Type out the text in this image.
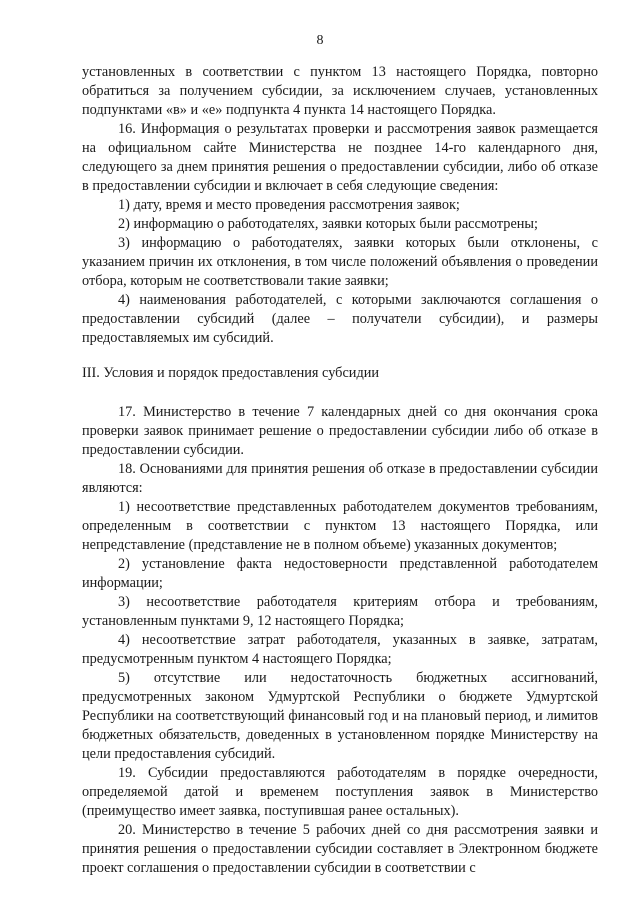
8

установленных в соответствии с пунктом 13 настоящего Порядка, повторно обратиться за получением субсидии, за исключением случаев, установленных подпунктами «в» и «е» подпункта 4 пункта 14 настоящего Порядка.

16. Информация о результатах проверки и рассмотрения заявок размещается на официальном сайте Министерства не позднее 14-го календарного дня, следующего за днем принятия решения о предоставлении субсидии, либо об отказе в предоставлении субсидии и включает в себя следующие сведения:

1) дату, время и место проведения рассмотрения заявок;

2) информацию о работодателях, заявки которых были рассмотрены;

3) информацию о работодателях, заявки которых были отклонены, с указанием причин их отклонения, в том числе положений объявления о проведении отбора, которым не соответствовали такие заявки;

4) наименования работодателей, с которыми заключаются соглашения о предоставлении субсидий (далее – получатели субсидии), и размеры предоставляемых им субсидий.

III. Условия и порядок предоставления субсидии

17. Министерство в течение 7 календарных дней со дня окончания срока проверки заявок принимает решение о предоставлении субсидии либо об отказе в предоставлении субсидии.

18. Основаниями для принятия решения об отказе в предоставлении субсидии являются:

1) несоответствие представленных работодателем документов требованиям, определенным в соответствии с пунктом 13 настоящего Порядка, или непредставление (представление не в полном объеме) указанных документов;

2) установление факта недостоверности представленной работодателем информации;

3) несоответствие работодателя критериям отбора и требованиям, установленным пунктами 9, 12 настоящего Порядка;

4) несоответствие затрат работодателя, указанных в заявке, затратам, предусмотренным пунктом 4 настоящего Порядка;

5) отсутствие или недостаточность бюджетных ассигнований, предусмотренных законом Удмуртской Республики о бюджете Удмуртской Республики на соответствующий финансовый год и на плановый период, и лимитов бюджетных обязательств, доведенных в установленном порядке Министерству на цели предоставления субсидий.

19. Субсидии предоставляются работодателям в порядке очередности, определяемой датой и временем поступления заявок в Министерство (преимущество имеет заявка, поступившая ранее остальных).

20. Министерство в течение 5 рабочих дней со дня рассмотрения заявки и принятия решения о предоставлении субсидии составляет в Электронном бюджете проект соглашения о предоставлении субсидии в соответствии с
